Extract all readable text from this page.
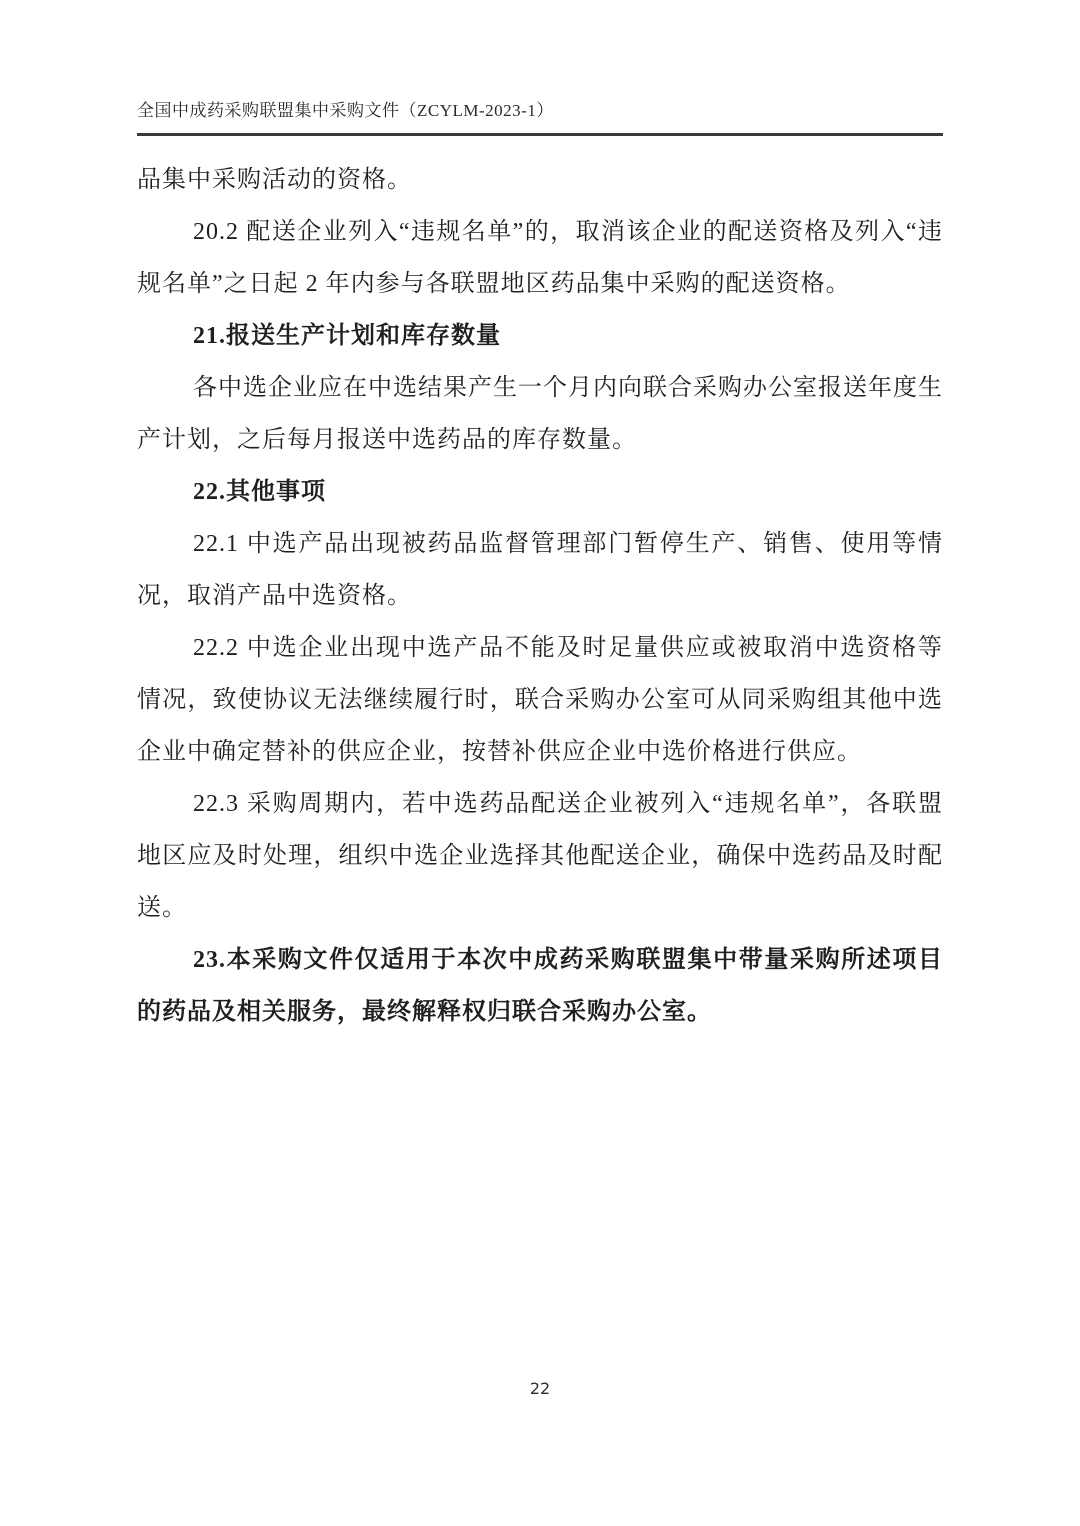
全国中成药采购联盟集中采购文件（ZCYLM-2023-1）

品集中采购活动的资格。

20.2 配送企业列入“违规名单”的，取消该企业的配送资格及列入“违规名单”之日起 2 年内参与各联盟地区药品集中采购的配送资格。

21.报送生产计划和库存数量

各中选企业应在中选结果产生一个月内向联合采购办公室报送年度生产计划，之后每月报送中选药品的库存数量。

22.其他事项

22.1 中选产品出现被药品监督管理部门暂停生产、销售、使用等情况，取消产品中选资格。

22.2 中选企业出现中选产品不能及时足量供应或被取消中选资格等情况，致使协议无法继续履行时，联合采购办公室可从同采购组其他中选企业中确定替补的供应企业，按替补供应企业中选价格进行供应。

22.3 采购周期内，若中选药品配送企业被列入“违规名单”，各联盟地区应及时处理，组织中选企业选择其他配送企业，确保中选药品及时配送。

23.本采购文件仅适用于本次中成药采购联盟集中带量采购所述项目的药品及相关服务，最终解释权归联合采购办公室。

22
